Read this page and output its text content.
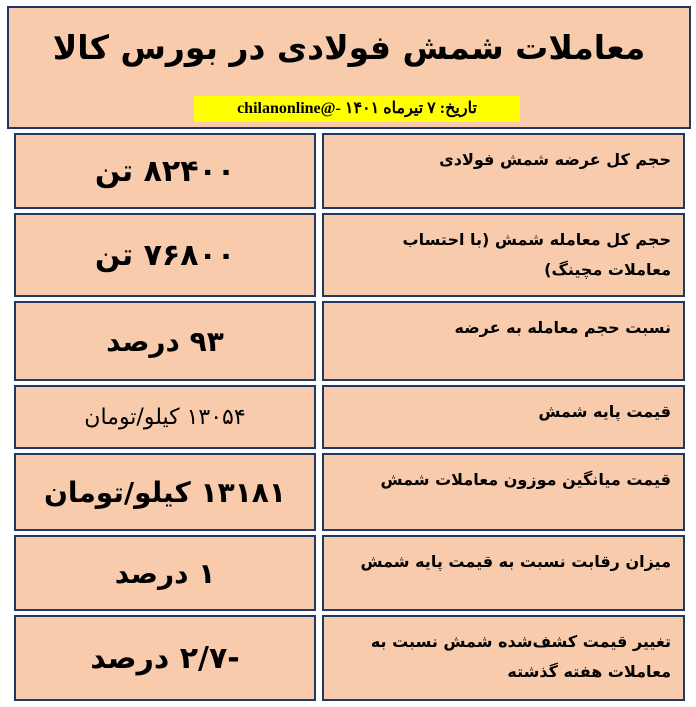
معاملات شمش فولادی در بورس کالا
تاریخ: ۷ تیرماه ۱۴۰۱ -@chilanonline
۸۲۴۰۰ تن	حجم کل عرضه شمش فولادی
۷۶۸۰۰ تن	حجم کل معامله شمش (با احتساب معاملات مچینگ)
۹۳ درصد	نسبت حجم معامله به عرضه
۱۳۰۵۴ کیلو/تومان	قیمت پایه شمش
۱۳۱۸۱ کیلو/تومان	قیمت میانگین موزون معاملات شمش
۱ درصد	میزان رقابت نسبت به قیمت پایه شمش
-۲/۷ درصد	تغییر قیمت کشف‌شده شمش نسبت به معاملات هفته گذشته
